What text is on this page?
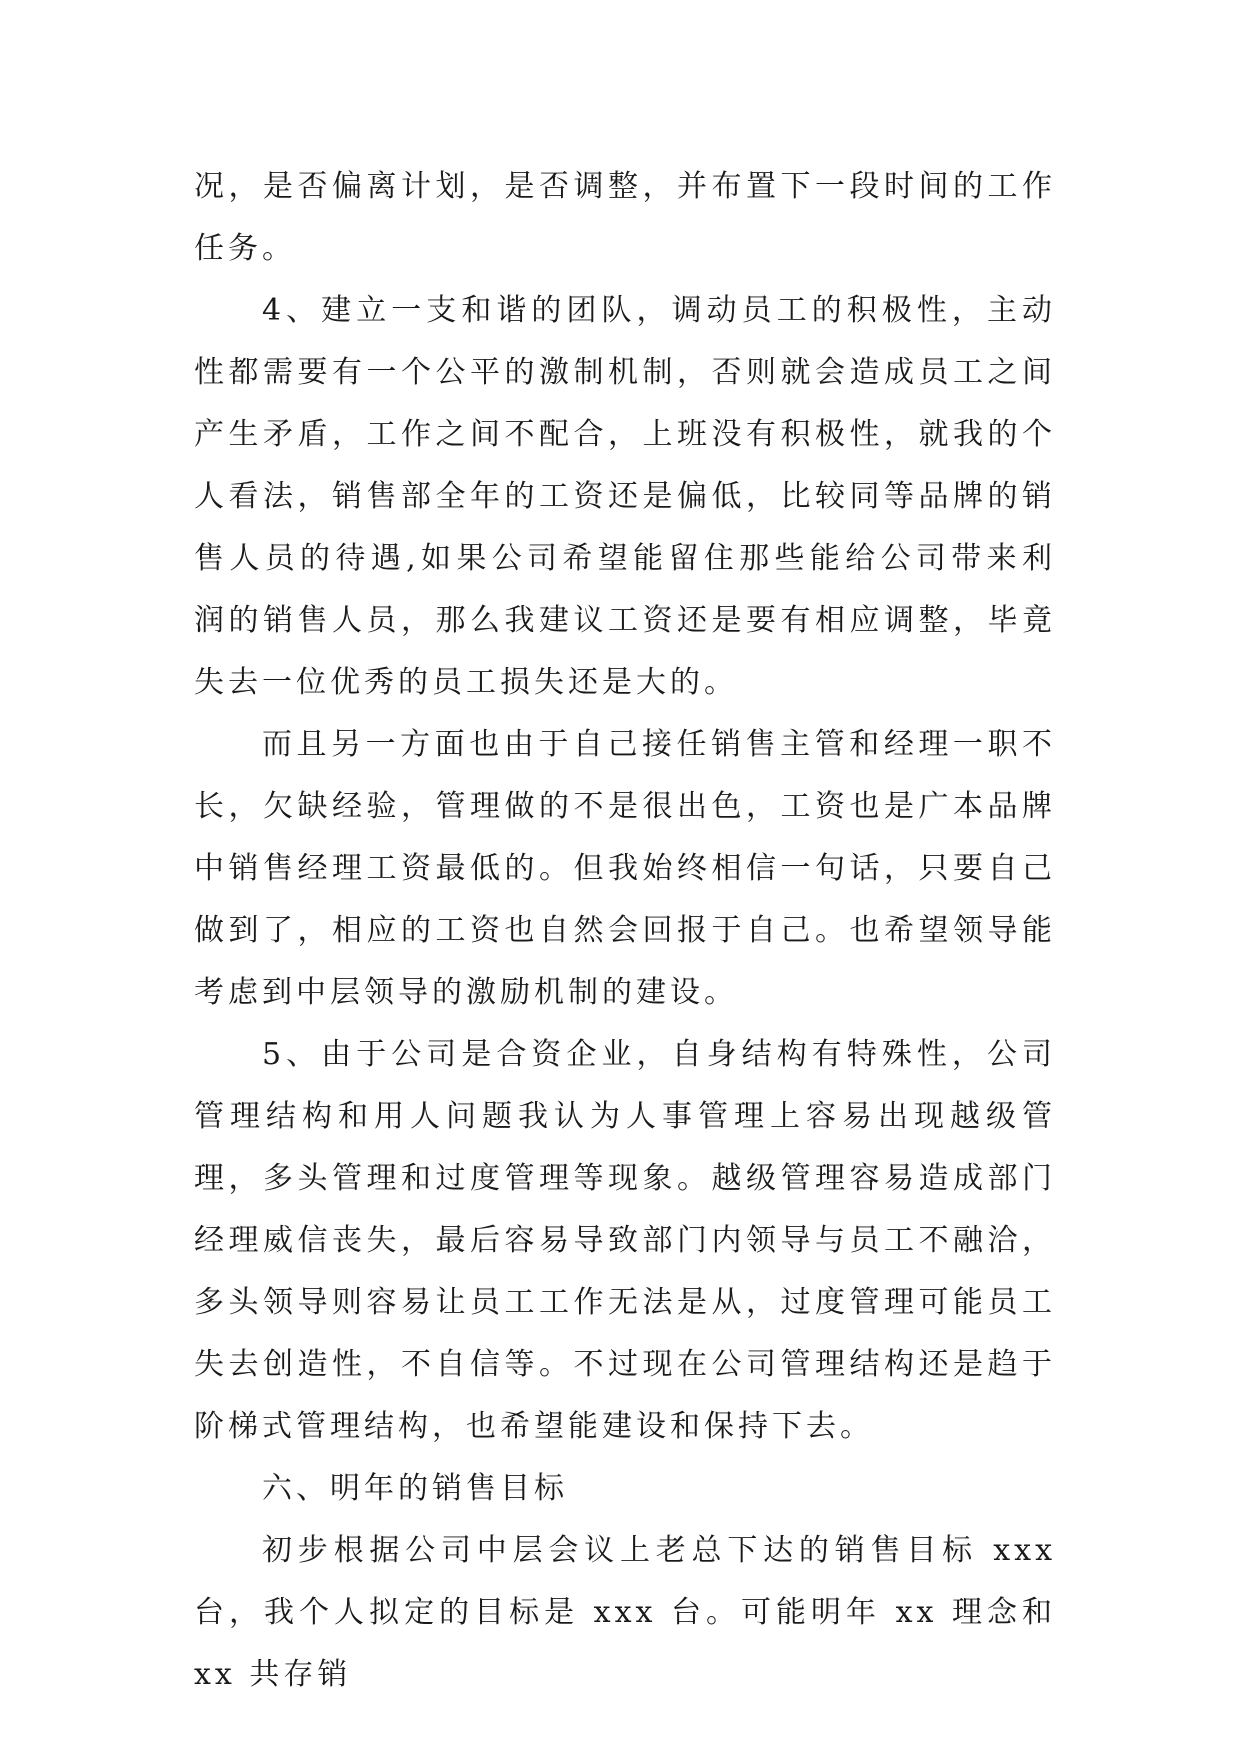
况，是否偏离计划，是否调整，并布置下一段时间的工作任务。

4、建立一支和谐的团队，调动员工的积极性，主动性都需要有一个公平的激制机制，否则就会造成员工之间产生矛盾，工作之间不配合，上班没有积极性，就我的个人看法，销售部全年的工资还是偏低，比较同等品牌的销售人员的待遇,如果公司希望能留住那些能给公司带来利润的销售人员，那么我建议工资还是要有相应调整，毕竟失去一位优秀的员工损失还是大的。

而且另一方面也由于自己接任销售主管和经理一职不长，欠缺经验，管理做的不是很出色，工资也是广本品牌中销售经理工资最低的。但我始终相信一句话，只要自己做到了，相应的工资也自然会回报于自己。也希望领导能考虑到中层领导的激励机制的建设。

5、由于公司是合资企业，自身结构有特殊性，公司管理结构和用人问题我认为人事管理上容易出现越级管理，多头管理和过度管理等现象。越级管理容易造成部门经理威信丧失，最后容易导致部门内领导与员工不融洽，多头领导则容易让员工工作无法是从，过度管理可能员工失去创造性，不自信等。不过现在公司管理结构还是趋于阶梯式管理结构，也希望能建设和保持下去。

六、明年的销售目标

初步根据公司中层会议上老总下达的销售目标 xxx 台，我个人拟定的目标是 xxx 台。可能明年 xx 理念和 xx 共存销
